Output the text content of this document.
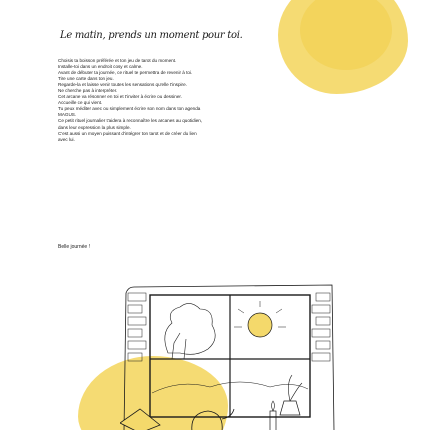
Le matin, prends un moment pour toi.

Choisis ta boisson préférée et ton jeu de tarot du moment.

Installe-toi dans un endroit cosy et calme.

Avant de débuter ta journée, ce rituel te permettra de revenir à toi.

Tire une carte dans ton jeu.

Regarde-la et laisse venir toutes les sensations qu'elle t'inspire.

Ne cherche pas à interpréter.

Cet arcane va résonner en toi et t'inviter à écrire ou dessiner.

Accueille ce qui vient.

Tu peux méditer avec ou simplement écrire son nom dans ton agenda

MAGUS.

Ce petit rituel journalier t'aidera à reconnaître les arcanes au quotidien,

dans leur expression la plus simple.

C'est aussi un moyen puissant d'intégrer ton tarot et de créer du lien

avec lui.

Belle journée !
